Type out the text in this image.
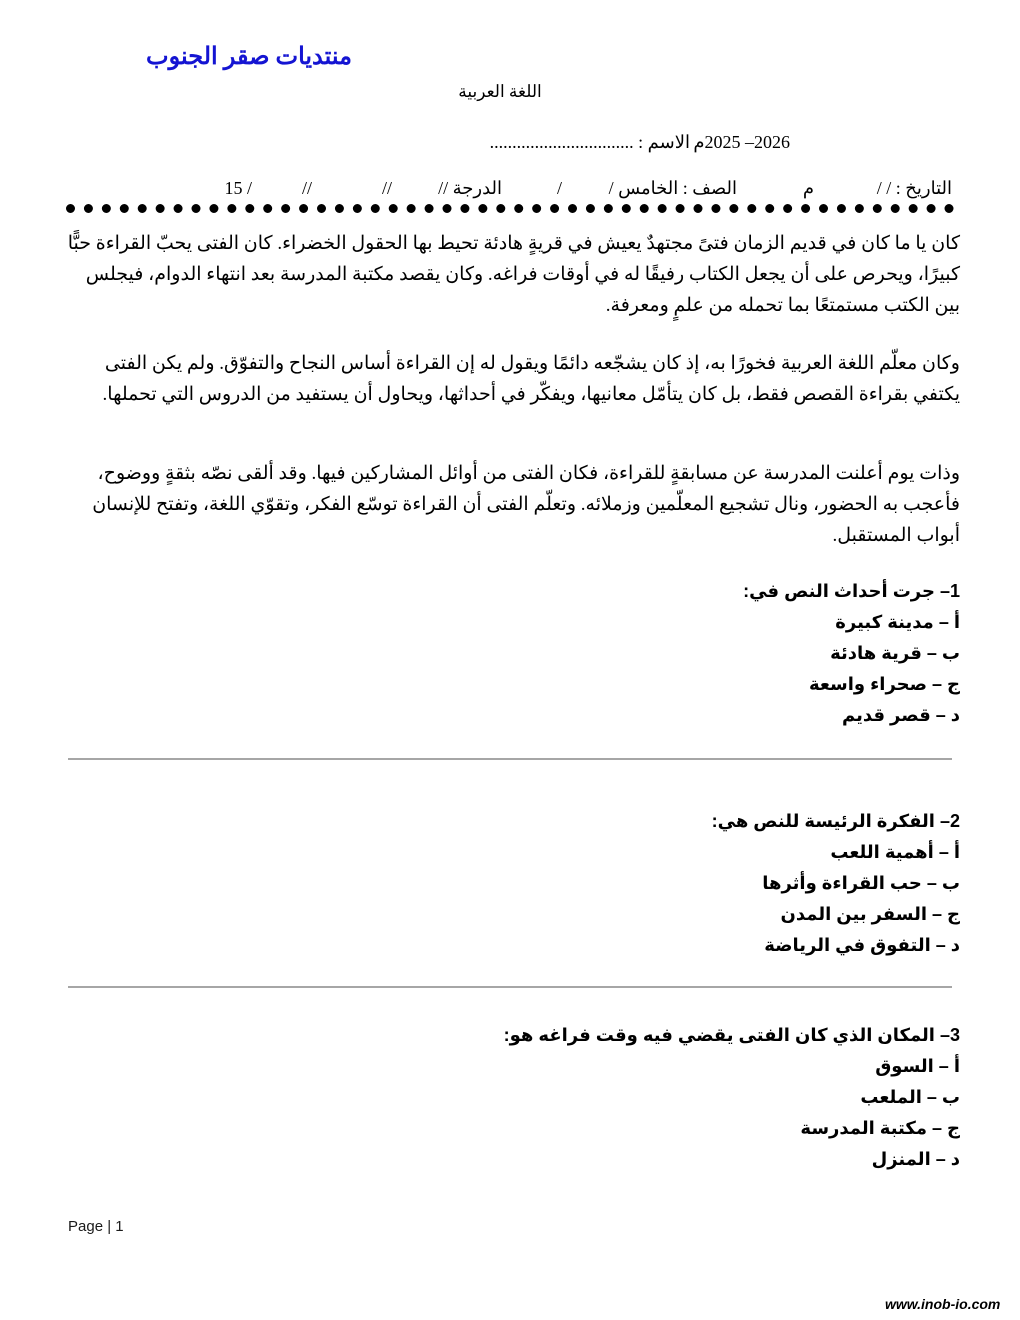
منتديات صقر الجنوب
اللغة العربية
2026– 2025م
الاسم : ................................
التاريخ : / /
م
الصف : الخامس /
/
الدرجة //
//
//
/ 15

كان يا ما كان في قديم الزمان فتىً مجتهدٌ يعيش في قريةٍ هادئة تحيط بها الحقول الخضراء. كان الفتى يحبّ القراءة حبًّا كبيرًا، ويحرص على أن يجعل الكتاب رفيقًا له في أوقات فراغه. وكان يقصد مكتبة المدرسة بعد انتهاء الدوام، فيجلس بين الكتب مستمتعًا بما تحمله من علمٍ ومعرفة.

وكان معلّم اللغة العربية فخورًا به، إذ كان يشجّعه دائمًا ويقول له إن القراءة أساس النجاح والتفوّق. ولم يكن الفتى يكتفي بقراءة القصص فقط، بل كان يتأمّل معانيها، ويفكّر في أحداثها، ويحاول أن يستفيد من الدروس التي تحملها.

وذات يوم أعلنت المدرسة عن مسابقةٍ للقراءة، فكان الفتى من أوائل المشاركين فيها. وقد ألقى نصّه بثقةٍ ووضوح، فأعجب به الحضور، ونال تشجيع المعلّمين وزملائه. وتعلّم الفتى أن القراءة توسّع الفكر، وتقوّي اللغة، وتفتح للإنسان أبواب المستقبل.

1– جرت أحداث النص في:

أ – مدينة كبيرة

ب – قرية هادئة

ج – صحراء واسعة

د – قصر قديم

2– الفكرة الرئيسة للنص هي:

أ – أهمية اللعب

ب – حب القراءة وأثرها

ج – السفر بين المدن

د – التفوق في الرياضة

3– المكان الذي كان الفتى يقضي فيه وقت فراغه هو:

أ – السوق

ب – الملعب

ج – مكتبة المدرسة

د – المنزل

Page | 1
www.inob-io.com
